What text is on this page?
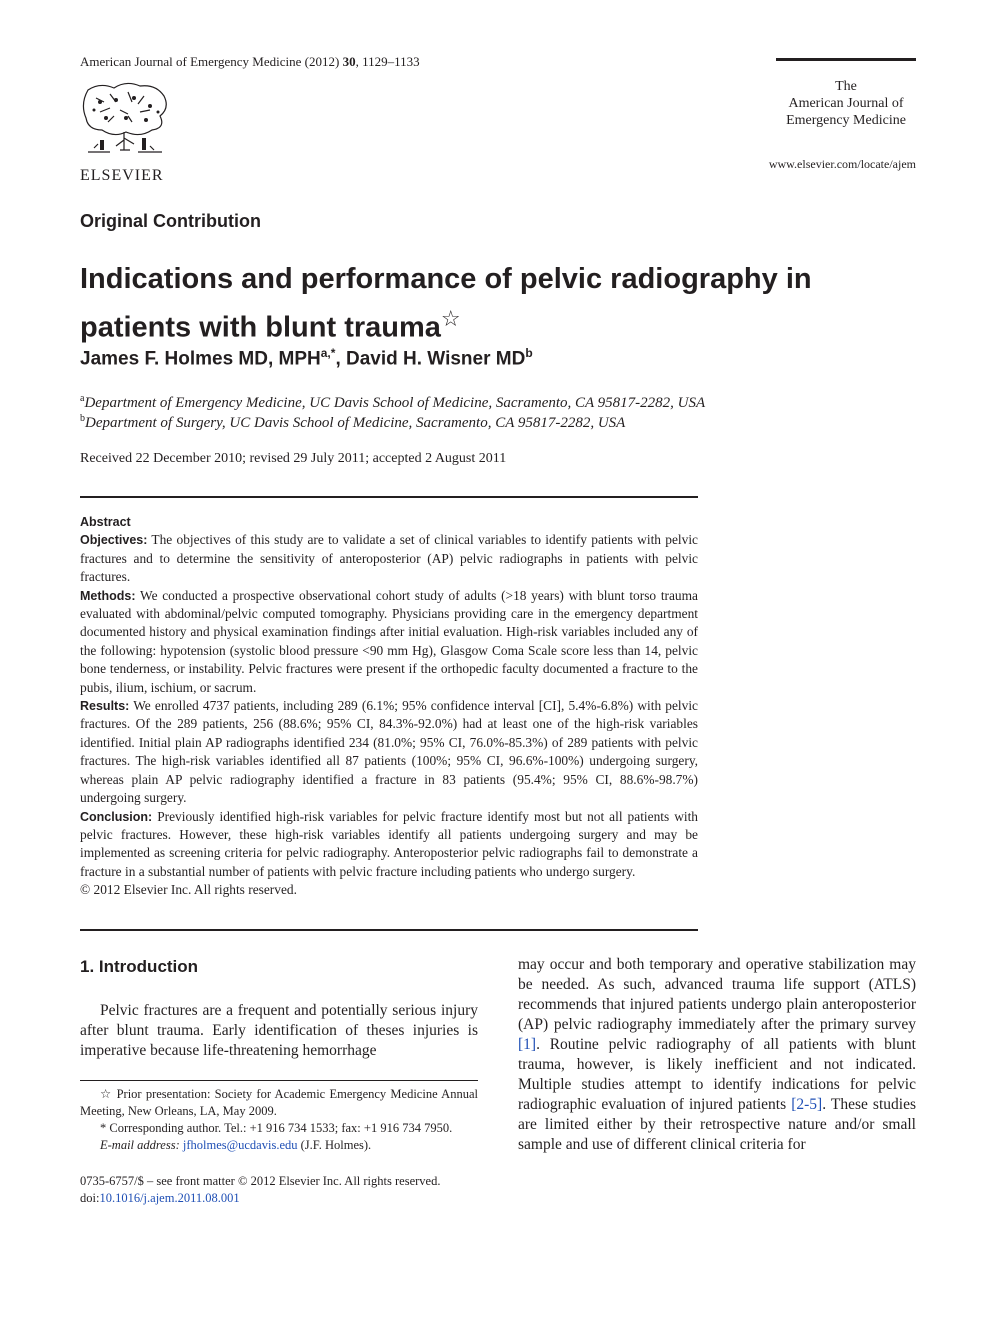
American Journal of Emergency Medicine (2012) 30, 1129–1133
ELSEVIER
The
American Journal of
Emergency Medicine
www.elsevier.com/locate/ajem
Original Contribution
Indications and performance of pelvic radiography in
patients with blunt trauma☆
James F. Holmes MD, $MPH^{a,*}$, David H. Wisner $MD^b$
$^a$Department of Emergency Medicine, UC Davis School of Medicine, Sacramento, CA 95817-2282, USA
$^b$Department of Surgery, UC Davis School of Medicine, Sacramento, CA 95817-2282, USA
Received 22 December 2010; revised 29 July 2011; accepted 2 August 2011
Abstract

Objectives: The objectives of this study are to validate a set of clinical variables to identify patients with pelvic fractures and to determine the sensitivity of anteroposterior (AP) pelvic radiographs in patients with pelvic fractures.

Methods: We conducted a prospective observational cohort study of adults (>18 years) with blunt torso trauma evaluated with abdominal/pelvic computed tomography. Physicians providing care in the emergency department documented history and physical examination findings after initial evaluation. High-risk variables included any of the following: hypotension (systolic blood pressure <90 mm Hg), Glasgow Coma Scale score less than 14, pelvic bone tenderness, or instability. Pelvic fractures were present if the orthopedic faculty documented a fracture to the pubis, ilium, ischium, or sacrum.

Results: We enrolled 4737 patients, including 289 (6.1%; 95% confidence interval [CI], 5.4%-6.8%) with pelvic fractures. Of the 289 patients, 256 (88.6%; 95% CI, 84.3%-92.0%) had at least one of the high-risk variables identified. Initial plain AP radiographs identified 234 (81.0%; 95% CI, 76.0%-85.3%) of 289 patients with pelvic fractures. The high-risk variables identified all 87 patients (100%; 95% CI, 96.6%-100%) undergoing surgery, whereas plain AP pelvic radiography identified a fracture in 83 patients (95.4%; 95% CI, 88.6%-98.7%) undergoing surgery.

Conclusion: Previously identified high-risk variables for pelvic fracture identify most but not all patients with pelvic fractures. However, these high-risk variables identify all patients undergoing surgery and may be implemented as screening criteria for pelvic radiography. Anteroposterior pelvic radiographs fail to demonstrate a fracture in a substantial number of patients with pelvic fracture including patients who undergo surgery.

© 2012 Elsevier Inc. All rights reserved.

1. Introduction
Pelvic fractures are a frequent and potentially serious injury after blunt trauma. Early identification of theses injuries is imperative because life-threatening hemorrhage
☆ Prior presentation: Society for Academic Emergency Medicine Annual Meeting, New Orleans, LA, May 2009.
* Corresponding author. Tel.: +1 916 734 1533; fax: +1 916 734 7950.
E-mail address: jfholmes@ucdavis.edu (J.F. Holmes).
0735-6757/$ – see front matter © 2012 Elsevier Inc. All rights reserved.
doi:10.1016/j.ajem.2011.08.001
may occur and both temporary and operative stabilization may be needed. As such, advanced trauma life support (ATLS) recommends that injured patients undergo plain anteroposterior (AP) pelvic radiography immediately after the primary survey [1]. Routine pelvic radiography of all patients with blunt trauma, however, is likely inefficient and not indicated. Multiple studies attempt to identify indications for pelvic radiographic evaluation of injured patients [2-5]. These studies are limited either by their retrospective nature and/or small sample and use of different clinical criteria for
